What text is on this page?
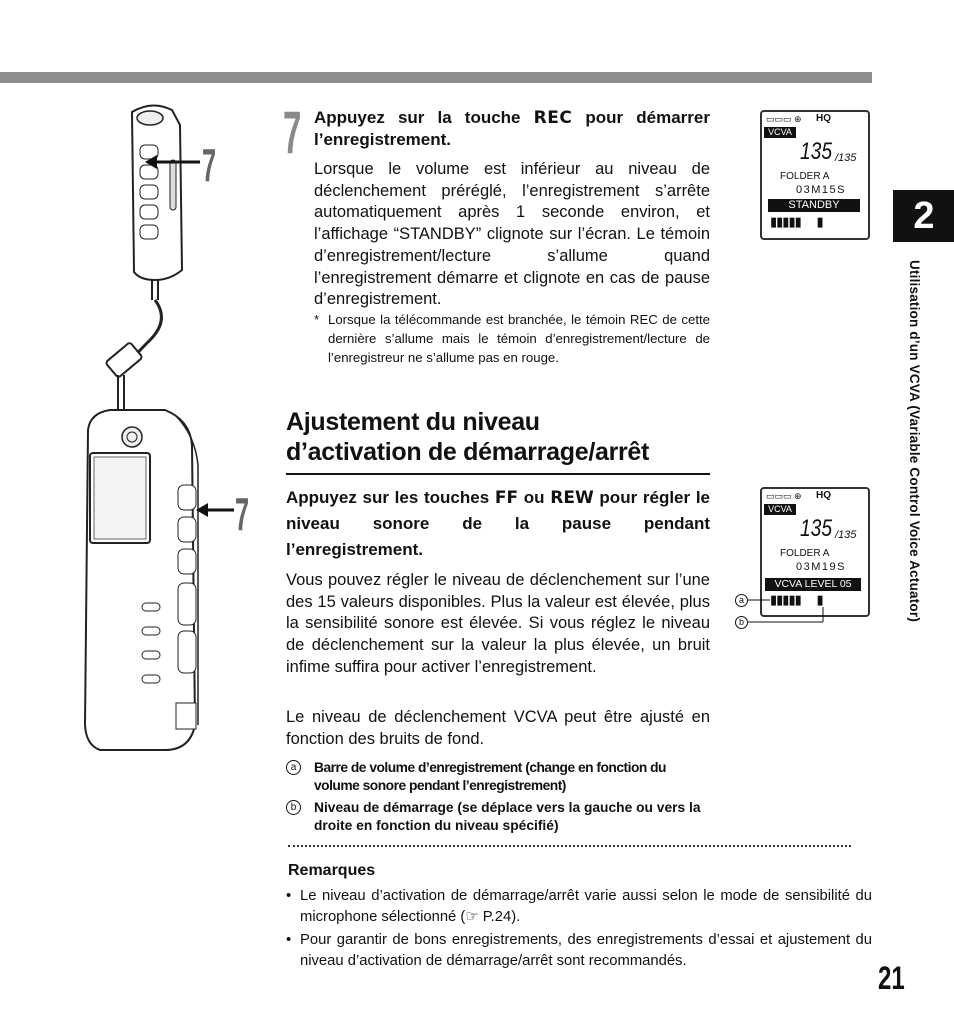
2
Utilisation d’un VCVA (Variable Control Voice Actuator)
7
7
7 Appuyez sur la touche REC pour démarrer l’enregistrement.
Lorsque le volume est inférieur au niveau de déclenchement préréglé, l’enregistrement s’arrête automatiquement après 1 seconde environ, et l’affichage “STANDBY” clignote sur l’écran. Le témoin d’enregistrement/lecture s’allume quand l’enregistrement démarre et clignote en cas de pause d’enregistrement.
* Lorsque la télécommande est branchée, le témoin REC de cette dernière s’allume mais le témoin d’enregistrement/lecture de l’enregistreur ne s’allume pas en rouge.
▭▭▭ ⊕ HQ
VCVA
135 /135
FOLDER A
03M15S
STANDBY
▮▮▮▮▮      ▮
Ajustement du niveau
d’activation de démarrage/arrêt
Appuyez sur les touches FF ou REW pour régler le niveau sonore de la pause pendant l’enregistrement.
Vous pouvez régler le niveau de déclenchement sur l’une des 15 valeurs disponibles. Plus la valeur est élevée, plus la sensibilité sonore est élevée. Si vous réglez le niveau de déclenchement sur la valeur la plus élevée, un bruit infime suffira pour activer l’enregistrement.
Le niveau de déclenchement VCVA peut être ajusté en fonction des bruits de fond.
▭▭▭ ⊕ HQ
VCVA
135 /135
FOLDER A
03M19S
VCVA LEVEL 05
▮▮▮▮▮      ▮
a
b
a	Barre de volume d’enregistrement (change en fonction du volume sonore pendant l’enregistrement)
b	Niveau de démarrage (se déplace vers la gauche ou vers la droite en fonction du niveau spécifié)
Remarques
• Le niveau d’activation de démarrage/arrêt varie aussi selon le mode de sensibilité du microphone sélectionné (☞ P.24).
• Pour garantir de bons enregistrements, des enregistrements d’essai et ajustement du niveau d’activation de démarrage/arrêt sont recommandés.	21
